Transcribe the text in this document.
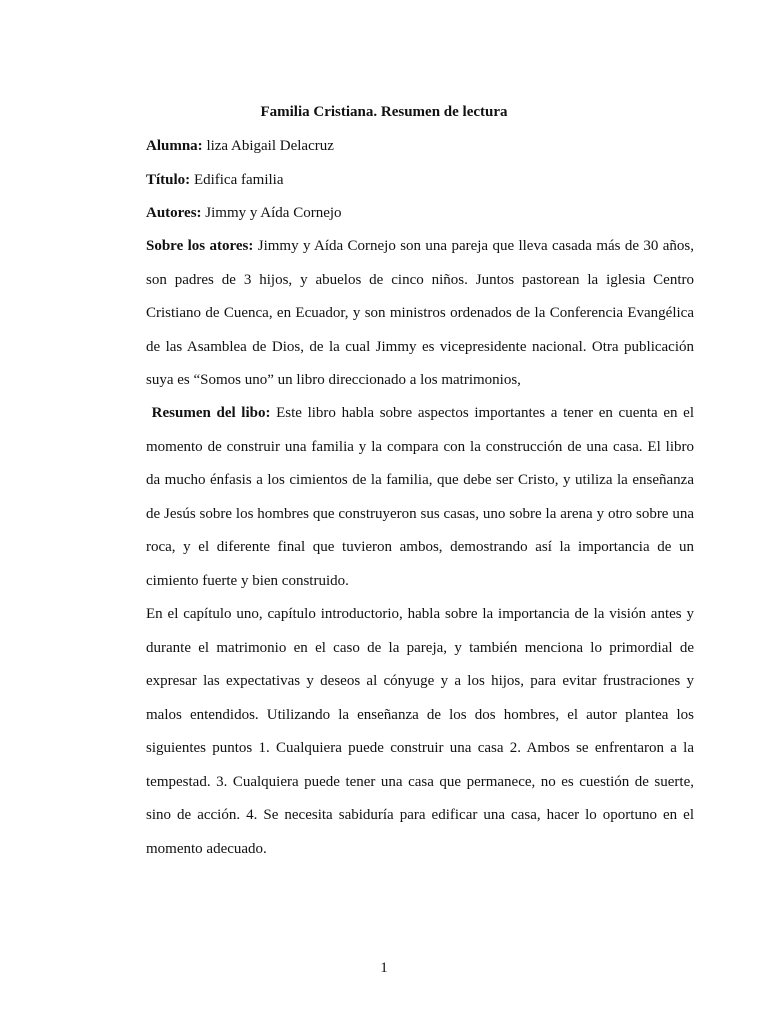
Familia Cristiana. Resumen de lectura
Alumna: liza Abigail Delacruz
Título: Edifica familia
Autores: Jimmy y Aída Cornejo
Sobre los atores: Jimmy y Aída Cornejo son una pareja que lleva casada más de 30 años, son padres de 3 hijos, y abuelos de cinco niños. Juntos pastorean la iglesia Centro Cristiano de Cuenca, en Ecuador, y son ministros ordenados de la Conferencia Evangélica de las Asamblea de Dios, de la cual Jimmy es vicepresidente nacional. Otra publicación suya es “Somos uno” un libro direccionado a los matrimonios,
Resumen del libo: Este libro habla sobre aspectos importantes a tener en cuenta en el momento de construir una familia y la compara con la construcción de una casa. El libro da mucho énfasis a los cimientos de la familia, que debe ser Cristo, y utiliza la enseñanza de Jesús sobre los hombres que construyeron sus casas, uno sobre la arena y otro sobre una roca, y el diferente final que tuvieron ambos, demostrando así la importancia de un cimiento fuerte y bien construido.
En el capítulo uno, capítulo introductorio, habla sobre la importancia de la visión antes y durante el matrimonio en el caso de la pareja, y también menciona lo primordial de expresar las expectativas y deseos al cónyuge y a los hijos, para evitar frustraciones y malos entendidos. Utilizando la enseñanza de los dos hombres, el autor plantea los siguientes puntos 1. Cualquiera puede construir una casa 2. Ambos se enfrentaron a la tempestad. 3. Cualquiera puede tener una casa que permanece, no es cuestión de suerte, sino de acción. 4. Se necesita sabiduría para edificar una casa, hacer lo oportuno en el momento adecuado.
1
